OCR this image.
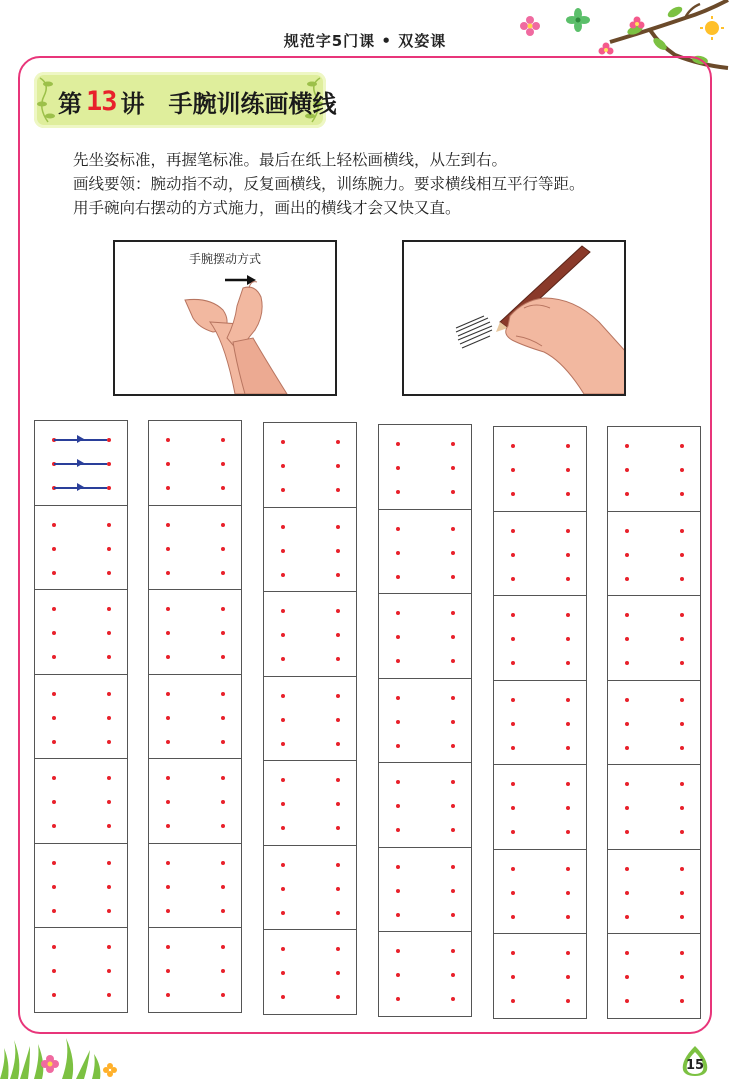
规范字5门课 • 双姿课
第 13 讲 手腕训练画横线

先坐姿标准，再握笔标准。最后在纸上轻松画横线，从左到右。

画线要领：腕动指不动，反复画横线，训练腕力。要求横线相互平行等距。

用手碗向右摆动的方式施力，画出的横线才会又快又直。

手腕摆动方式
15
